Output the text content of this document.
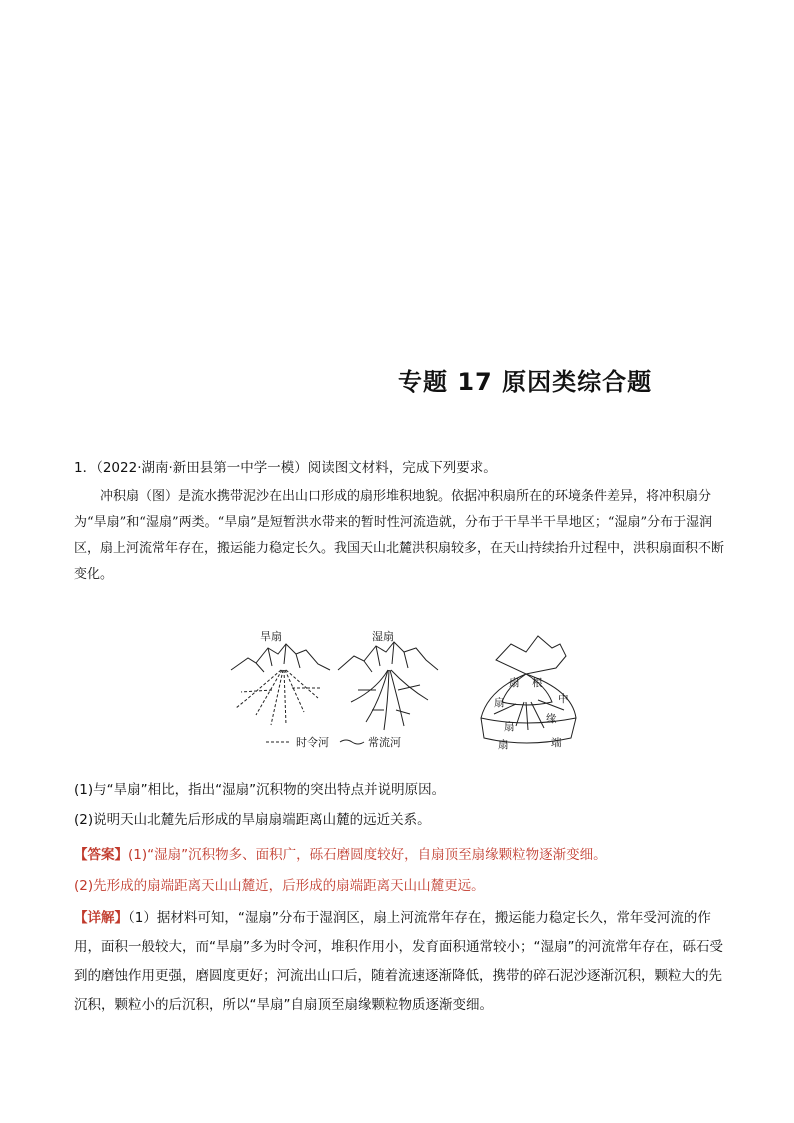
专题 17 原因类综合题
1．（2022·湖南·新田县第一中学一模）阅读图文材料，完成下列要求。
冲积扇（图）是流水携带泥沙在出山口形成的扇形堆积地貌。依据冲积扇所在的环境条件差异，将冲积扇分为“旱扇”和“湿扇”两类。“旱扇”是短暂洪水带来的暂时性河流造就，分布于干旱半干旱地区；“湿扇”分布于湿润区，扇上河流常年存在，搬运能力稳定长久。我国天山北麓洪积扇较多，在天山持续抬升过程中，洪积扇面积不断变化。
旱扇	湿扇
扇 根
扇	中
扇
缘
扇	端
时令河	常流河
(1)与“旱扇”相比，指出“湿扇”沉积物的突出特点并说明原因。
(2)说明天山北麓先后形成的旱扇扇端距离山麓的远近关系。
【答案】(1)“湿扇”沉积物多、面积广，砾石磨圆度较好，自扇顶至扇缘颗粒物逐渐变细。
(2)先形成的扇端距离天山山麓近，后形成的扇端距离天山山麓更远。
【详解】（1）据材料可知，“湿扇”分布于湿润区，扇上河流常年存在，搬运能力稳定长久，常年受河流的作用，面积一般较大，而“旱扇”多为时令河，堆积作用小，发育面积通常较小；“湿扇”的河流常年存在，砾石受到的磨蚀作用更强，磨圆度更好；河流出山口后，随着流速逐渐降低，携带的碎石泥沙逐渐沉积，颗粒大的先沉积，颗粒小的后沉积，所以“旱扇”自扇顶至扇缘颗粒物质逐渐变细。
